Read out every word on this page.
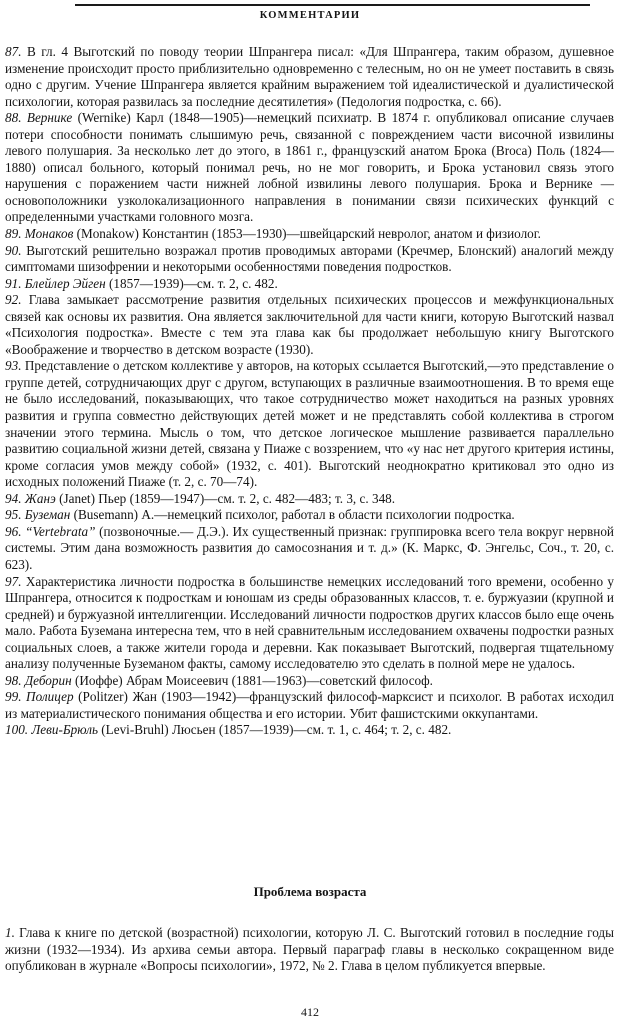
КОММЕНТАРИИ

87. В гл. 4 Выготский по поводу теории Шпрангера писал: «Для Шпрангера, таким образом, душевное изменение происходит просто приблизительно одновременно с телесным, но он не умеет поставить в связь одно с другим. Учение Шпрангера является крайним выражением той идеалистической и дуалистической психологии, которая развилась за последние десятилетия» (Педология подростка, с. 66).

88. Вернике (Wernike) Карл (1848—1905)—немецкий психиатр. В 1874 г. опубликовал описание случаев потери способности понимать слышимую речь, связанной с повреждением части височной извилины левого полушария. За несколько лет до этого, в 1861 г., французский анатом Брока (Broca) Поль (1824—1880) описал больного, который понимал речь, но не мог говорить, и Брока установил связь этого нарушения с поражением части нижней лобной извилины левого полушария. Брока и Вернике — основоположники узколокализационного направления в понимании связи психических функций с определенными участками головного мозга.

89. Монаков (Monakow) Константин (1853—1930)—швейцарский невролог, анатом и физиолог.

90. Выготский решительно возражал против проводимых авторами (Кречмер, Блонский) аналогий между симптомами шизофрении и некоторыми особенностями поведения подростков.

91. Блейлер Эйген (1857—1939)—см. т. 2, с. 482.

92. Глава замыкает рассмотрение развития отдельных психических процессов и межфункциональных связей как основы их развития. Она является заключительной для части книги, которую Выготский назвал «Психология подростка». Вместе с тем эта глава как бы продолжает небольшую книгу Выготского «Воображение и творчество в детском возрасте (1930).

93. Представление о детском коллективе у авторов, на которых ссылается Выготский,—это представление о группе детей, сотрудничающих друг с другом, вступающих в различные взаимоотношения. В то время еще не было исследований, показывающих, что такое сотрудничество может находиться на разных уровнях развития и группа совместно действующих детей может и не представлять собой коллектива в строгом значении этого термина. Мысль о том, что детское логическое мышление развивается параллельно развитию социальной жизни детей, связана у Пиаже с воззрением, что «у нас нет другого критерия истины, кроме согласия умов между собой» (1932, с. 401). Выготский неоднократно критиковал это одно из исходных положений Пиаже (т. 2, с. 70—74).

94. Жанэ (Janet) Пьер (1859—1947)—см. т. 2, с. 482—483; т. 3, с. 348.

95. Буземан (Busemann) А.—немецкий психолог, работал в области психологии подростка.

96. “Vertebrata” (позвоночные.— Д.Э.). Их существенный признак: группировка всего тела вокруг нервной системы. Этим дана возможность развития до самосознания и т. д.» (К. Маркс, Ф. Энгельс, Соч., т. 20, с. 623).

97. Характеристика личности подростка в большинстве немецких исследований того времени, особенно у Шпрангера, относится к подросткам и юношам из среды образованных классов, т. е. буржуазии (крупной и средней) и буржуазной интеллигенции. Исследований личности подростков других классов было еще очень мало. Работа Буземана интересна тем, что в ней сравнительным исследованием охвачены подростки разных социальных слоев, а также жители города и деревни. Как показывает Выготский, подвергая тщательному анализу полученные Буземаном факты, самому исследователю это сделать в полной мере не удалось.

98. Деборин (Иоффе) Абрам Моисеевич (1881—1963)—советский философ.

99. Полицер (Politzer) Жан (1903—1942)—французский философ-марксист и психолог. В работах исходил из материалистического понимания общества и его истории. Убит фашистскими оккупантами.

100. Леви-Брюль (Levi-Bruhl) Люсьен (1857—1939)—см. т. 1, с. 464; т. 2, с. 482.

Проблема возраста

1. Глава к книге по детской (возрастной) психологии, которую Л. С. Выготский готовил в последние годы жизни (1932—1934). Из архива семьи автора. Первый параграф главы в несколько сокращенном виде опубликован в журнале «Вопросы психологии», 1972, № 2. Глава в целом публикуется впервые.

412
